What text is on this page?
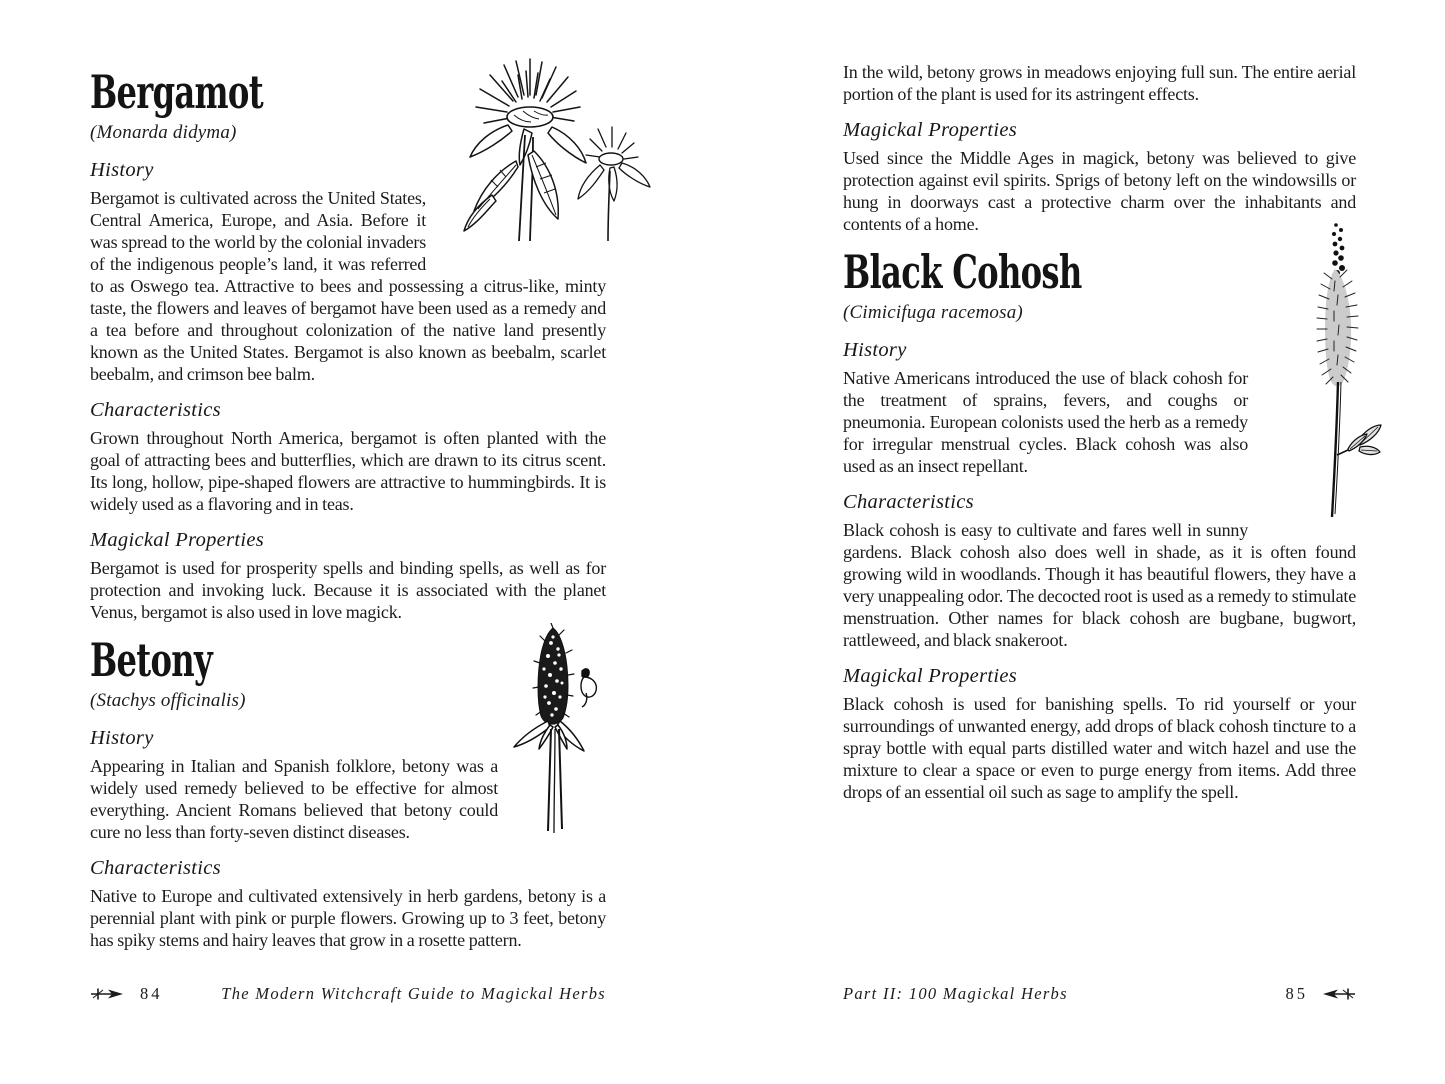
Bergamot
(Monarda didyma)
History

Bergamot is cultivated across the United States, Central America, Europe, and Asia. Before it was spread to the world by the colonial invaders of the indigenous people’s land, it was referred to as Oswego tea. Attractive to bees and possessing a citrus-like, minty taste, the flowers and leaves of bergamot have been used as a remedy and a tea before and throughout colonization of the native land presently known as the United States. Bergamot is also known as beebalm, scarlet beebalm, and crimson bee balm.

Characteristics

Grown throughout North America, bergamot is often planted with the goal of attracting bees and butterflies, which are drawn to its citrus scent. Its long, hollow, pipe-shaped flowers are attractive to hummingbirds. It is widely used as a flavoring and in teas.

Magickal Properties

Bergamot is used for prosperity spells and binding spells, as well as for protection and invoking luck. Because it is associated with the planet Venus, bergamot is also used in love magick.

Betony
(Stachys officinalis)
History

Appearing in Italian and Spanish folklore, betony was a widely used remedy believed to be effective for almost everything. Ancient Romans believed that betony could cure no less than forty-seven distinct diseases.

Characteristics

Native to Europe and cultivated extensively in herb gardens, betony is a perennial plant with pink or purple flowers. Growing up to 3 feet, betony has spiky stems and hairy leaves that grow in a rosette pattern.

84	The Modern Witchcraft Guide to Magickal Herbs

In the wild, betony grows in meadows enjoying full sun. The entire aerial portion of the plant is used for its astringent effects.

Magickal Properties

Used since the Middle Ages in magick, betony was believed to give protection against evil spirits. Sprigs of betony left on the windowsills or hung in doorways cast a protective charm over the inhabitants and contents of a home.

Black Cohosh
(Cimicifuga racemosa)
History

Native Americans introduced the use of black cohosh for the treatment of sprains, fevers, and coughs or pneumonia. European colonists used the herb as a remedy for irregular menstrual cycles. Black cohosh was also used as an insect repellant.

Characteristics

Black cohosh is easy to cultivate and fares well in sunny gardens. Black cohosh also does well in shade, as it is often found growing wild in woodlands. Though it has beautiful flowers, they have a very unappealing odor. The decocted root is used as a remedy to stimulate menstruation. Other names for black cohosh are bugbane, bugwort, rattleweed, and black snakeroot.

Magickal Properties

Black cohosh is used for banishing spells. To rid yourself or your surroundings of unwanted energy, add drops of black cohosh tincture to a spray bottle with equal parts distilled water and witch hazel and use the mixture to clear a space or even to purge energy from items. Add three drops of an essential oil such as sage to amplify the spell.

Part II: 100 Magickal Herbs	85
